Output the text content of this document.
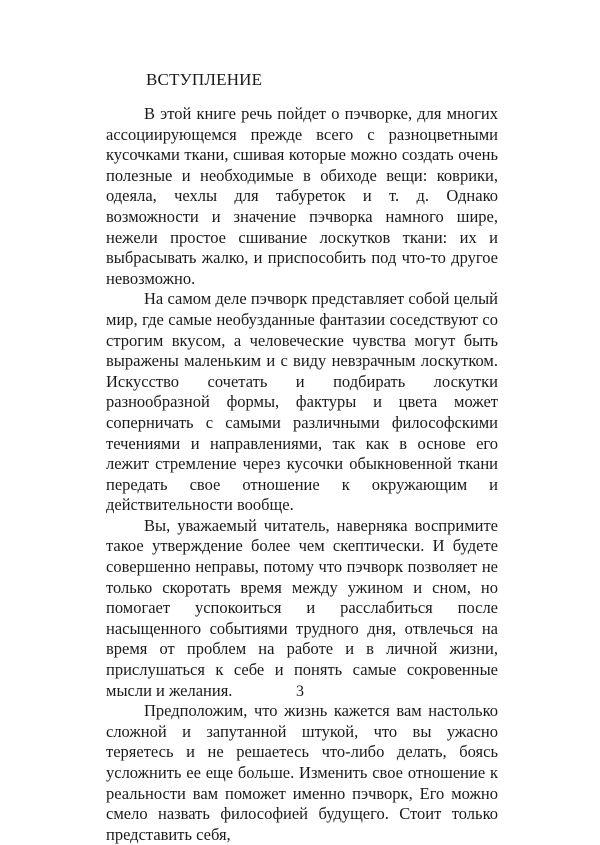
ВСТУПЛЕНИЕ

В этой книге речь пойдет о пэчворке, для многих ассоциирующемся прежде всего с разноцветными кусочками ткани, сшивая которые можно создать очень полезные и необходимые в обиходе вещи: коврики, одеяла, чехлы для табуреток и т. д. Однако возможности и значение пэчворка намного шире, нежели простое сшивание лоскутков ткани: их и выбрасывать жалко, и приспособить под что-то другое невозможно.

На самом деле пэчворк представляет собой целый мир, где самые необузданные фантазии соседствуют со строгим вкусом, а человеческие чувства могут быть выражены маленьким и с виду невзрачным лоскутком. Искусство сочетать и подбирать лоскутки разнообразной формы, фактуры и цвета может соперничать с самыми различными философскими течениями и направлениями, так как в основе его лежит стремление через кусочки обыкновенной ткани передать свое отношение к окружающим и действительности вообще.

Вы, уважаемый читатель, наверняка воспримите такое утверждение более чем скептически. И будете совершенно неправы, потому что пэчворк позволяет не только скоротать время между ужином и сном, но помогает успокоиться и расслабиться после насыщенного событиями трудного дня, отвлечься на время от проблем на работе и в личной жизни, прислушаться к себе и понять самые сокровенные мысли и желания.

Предположим, что жизнь кажется вам настолько сложной и запутанной штукой, что вы ужасно теряетесь и не решаетесь что-либо делать, боясь усложнить ее еще больше. Изменить свое отношение к реальности вам поможет именно пэчворк, Его можно смело назвать философией будущего. Стоит только представить себя,

3
